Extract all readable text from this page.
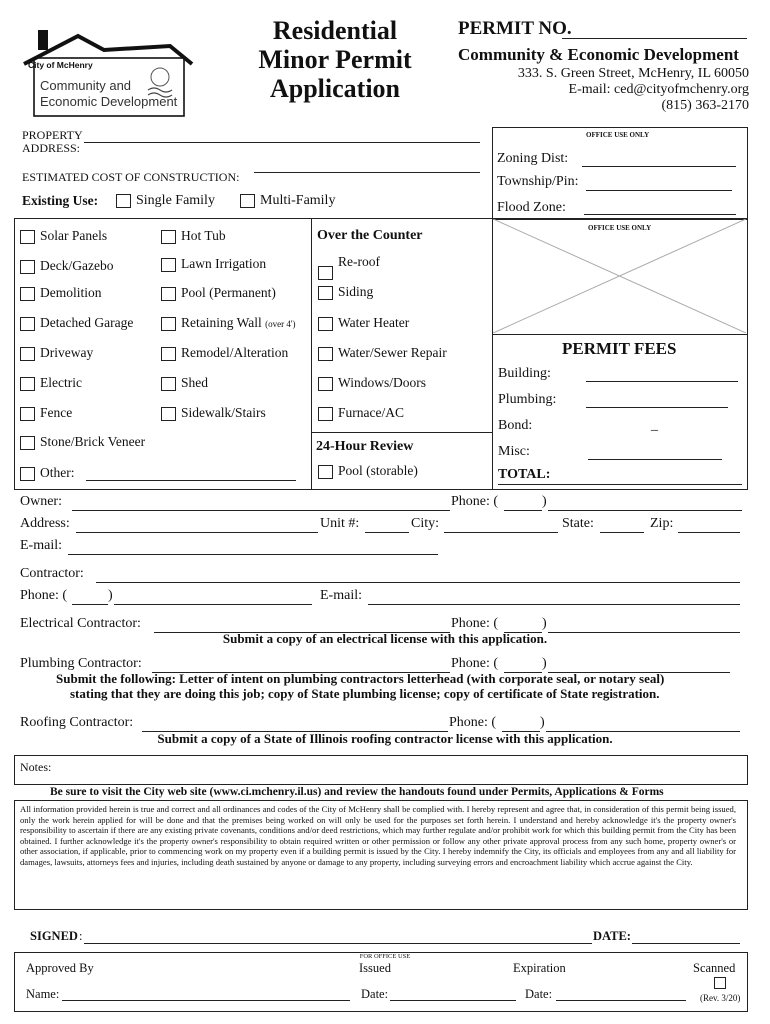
City of McHenry
Community and
Economic Development
Residential
Minor Permit
Application
PERMIT NO.
Community & Economic Development
333. S. Green Street, McHenry, IL 60050
E-mail: ced@cityofmchenry.org
(815) 363-2170
PROPERTY
ADDRESS:
ESTIMATED COST OF CONSTRUCTION:
Existing Use:	Single Family	Multi-Family
OFFICE USE ONLY
Zoning Dist:
Township/Pin:
Flood Zone:
Solar Panels
Deck/Gazebo
Demolition
Detached Garage
Driveway
Electric
Fence
Stone/Brick Veneer
Other:
Hot Tub
Lawn Irrigation
Pool (Permanent)
Retaining Wall (over 4')
Remodel/Alteration
Shed
Sidewalk/Stairs
Over the Counter
Re-roof
Siding
Water Heater
Water/Sewer Repair
Windows/Doors
Furnace/AC
24-Hour Review
Pool (storable)
OFFICE USE ONLY
PERMIT FEES
Building:
Plumbing:
Bond:	_
Misc:
TOTAL:
Owner:	Phone: (	)
Address:	Unit #:	City:	State:	Zip:
E-mail:
Contractor:
Phone: (	)	E-mail:
Electrical Contractor:	Phone: (	)
Submit a copy of an electrical license with this application.
Plumbing Contractor:	Phone: (	)
Submit the following: Letter of intent on plumbing contractors letterhead (with corporate seal, or notary seal)
stating that they are doing this job; copy of State plumbing license; copy of certificate of State registration.
Roofing Contractor:	Phone: (	)
Submit a copy of a State of Illinois roofing contractor license with this application.
Notes:
Be sure to visit the City web site (www.ci.mchenry.il.us) and review the handouts found under Permits, Applications & Forms
All information provided herein is true and correct and all ordinances and codes of the City of McHenry shall be complied with. I hereby represent and agree that, in consideration of this permit being issued, only the work herein applied for will be done and that the premises being worked on will only be used for the purposes set forth herein. I understand and hereby acknowledge it's the property owner's responsibility to ascertain if there are any existing private covenants, conditions and/or deed restrictions, which may further regulate and/or prohibit work for which this building permit from the City has been obtained. I further acknowledge it's the property owner's responsibility to obtain required written or other permission or follow any other private approval process from any such home, property owner's or other association, if applicable, prior to commencing work on my property even if a building permit is issued by the City. I hereby indemnify the City, its officials and employees from any and all liability for damages, lawsuits, attorneys fees and injuries, including death sustained by anyone or damage to any property, including surveying errors and encroachment liability which accrue against the City.
SIGNED :	DATE:
FOR OFFICE USE
Approved By	Issued	Expiration	Scanned
Name:	Date:	Date:	(Rev. 3/20)
